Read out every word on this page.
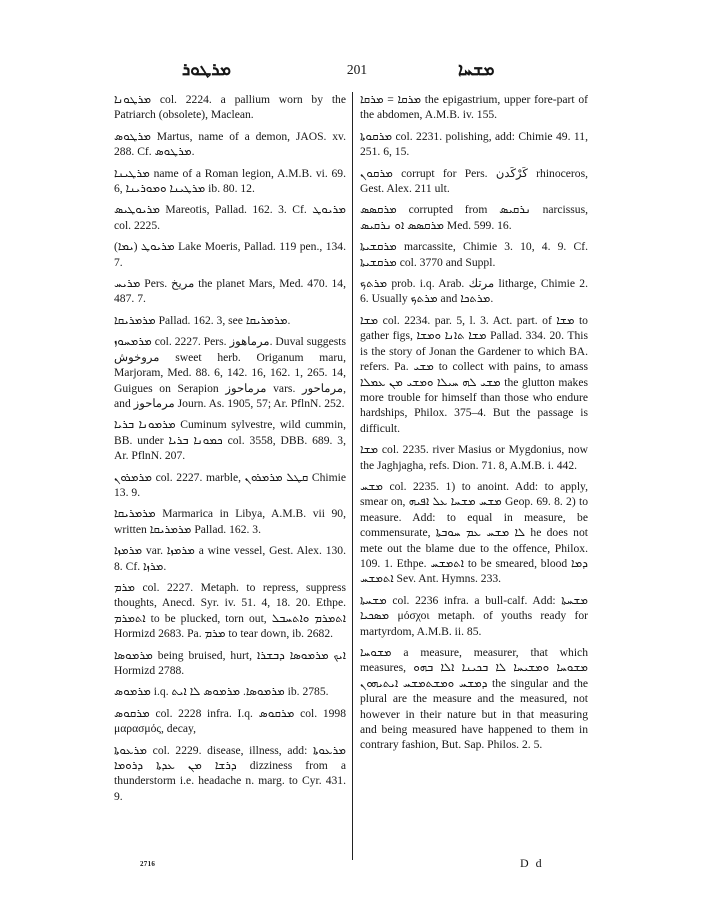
ܡܪܛܘܪ	201	ܡܫܚܐ

ܡܪܛܘܢܐ col. 2224. a pallium worn by the Patriarch (obsolete), Maclean.

ܡܪܛܘܣ Martus, name of a demon, JAOS. xv. 288. Cf. ܡܪܛܘܣ.

ܡܪܛܝܢܐ name of a Roman legion, A.M.B. vi. 69. 6, ܡܪܛܝܢܐ ܘܡܘܪܝܢܐ ib. 80. 12.

ܡܪܝܘܛܝܣ Mareotis, Pallad. 162. 3. Cf. ܡܪܝܘܛ col. 2225.

ܡܪܝܘܛ (ܝܡܐ) Lake Moeris, Pallad. 119 pen., 134. 7.

ܡܪܝܚ Pers. مريخ the planet Mars, Med. 470. 14, 487. 7.

ܡܪܡܪܝܩܐ Pallad. 162. 3, see ܡܪܡܪܝܩܐ.

ܡܪܡܚܘܙ col. 2227. Pers. مرماهوز. Duval suggests مروخوش sweet herb. Origanum maru, Marjoram, Med. 88. 6, 142. 16, 162. 1, 265. 14, Guigues on Serapion مرماحوز vars. مرماحور, and مرماحوز Journ. As. 1905, 57; Ar. PflnN. 252.

ܡܪܡܘܢܐ ܒܪܝܐ Cuminum sylvestre, wild cummin, BB. under ܟܡܘܢܐ ܒܪܝܐ col. 3558, DBB. 689. 3, Ar. PflnN. 207.

ܡܪܡܪܘܢ col. 2227. marble, ܩܛܠ ܡܪܡܪܘܢ Chimie 13. 9.

ܡܪܡܪܝܩܐ Marmarica in Libya, A.M.B. vii 90, written ܡܪܡܪܝܩܐ Pallad. 162. 3.

ܡܪܡܙܐ var. ܡܪܡܙܐ a wine vessel, Gest. Alex. 130. 8. Cf. ܡܪܙܐ.

ܡܪܡ col. 2227. Metaph. to repress, suppress thoughts, Anecd. Syr. iv. 51. 4, 18. 20. Ethpe. ܐܬܡܪܡ to be plucked, torn out, ܐܬܡܪܡ ܘܐܬܚܒܠ Hormizd 2683. Pa. ܡܪܡ to tear down, ib. 2682.

ܡܪܡܘܣܐ being bruised, hurt, ܐܝܟ ܡܪܡܘܣܐ ܕܒܫܪܐ Hormizd 2788.

ܡܪܡܘܣ i.q. ܡܪܡܘܣܐ. ܡܪܡܘܣ ܠܐ ܐܝܬ ib. 2785.

ܡܪܩܘܣ col. 2228 infra. I.q. ܡܪܩܘܣ col. 1998 μαρασμός, decay,

ܡܪܥܘܬܐ col. 2229. disease, illness, add: ܡܪܥܘܬܐ ܕܪܫܐ ܡܢ ܥܕܬܐ ܕܪܘܡܐ dizziness from a thunderstorm i.e. headache n. marg. to Cyr. 431. 9.

ܡܪܩܐ = ܡܪܩܐ the epigastrium, upper fore-part of the abdomen, A.M.B. iv. 155.

ܡܪܩܘܬܐ col. 2231. polishing, add: Chimie 49. 11, 251. 6, 15.

ܡܪܩܘܢ corrupt for Pers. كَرْكَدن rhinoceros, Gest. Alex. 211 ult.

ܡܪܩܣܣ corrupted from ܢܪܩܝܣ narcissus, ܡܪܩܣܣ ܐܘ ܢܪܩܝܣ Med. 599. 16.

ܡܪܩܫܝܬܐ marcassite, Chimie 3. 10, 4. 9. Cf. ܡܪܩܫܝܬܐ col. 3770 and Suppl.

ܡܪܬܟ prob. i.q. Arab. مرتك litharge, Chimie 2. 6. Usually ܡܪܬܟ and ܡܪܬܟܐ.

ܡܫܐ col. 2234. par. 5, l. 3. Act. part. of ܡܫܐ to gather figs, ܡܫܐ ܬܐܢܐ ܘܡܫܐ Pallad. 334. 20. This is the story of Jonan the Gardener to which BA. refers. Pa. ܡܫܝ to collect with pains, to amass ܡܫܝ ܠܗ ܚܝܠܐ ܘܡܫܝ ܡܢ ܥܡܠܐ the glutton makes more trouble for himself than those who endure hardships, Philox. 375–4. But the passage is difficult.

ܡܫܐ col. 2235. river Masius or Mygdonius, now the Jaghjagha, refs. Dion. 71. 8, A.M.B. i. 442.

ܡܫܚ col. 2235. 1) to anoint. Add: to apply, smear on, ܡܫܚ ܡܫܚܐ ܥܠ ܐܦܝܗ Geop. 69. 8. 2) to measure. Add: to equal in measure, be commensurate, ܠܐ ܡܫܚ ܥܡ ܚܘܒܬܐ he does not mete out the blame due to the offence, Philox. 109. 1. Ethpe. ܐܬܡܫܚ to be smeared, blood ܕܡܐ ܐܬܡܫܚ Sev. Ant. Hymns. 233.

ܡܫܚܬܐ col. 2236 infra. a bull-calf. Add: ܡܫܚܬܐ ܡܣܟܝܐ μόσχοι metaph. of youths ready for martyrdom, A.M.B. ii. 85.

ܡܫܘܚܐ a measure, measurer, that which measures, ܡܫܘܚܐ ܘܡܫܝܚܐ ܠܐ ܒܟܝܢܐ ܐܠܐ ܒܗܘ ܕܡܫܚ ܘܡܫܬܡܫܚ ܐܝܬܝܗܘܢ the singular and the plural are the measure and the measured, not however in their nature but in that measuring and being measured have happened to them in contrary fashion, But. Sap. Philos. 2. 5.

2716	D d
